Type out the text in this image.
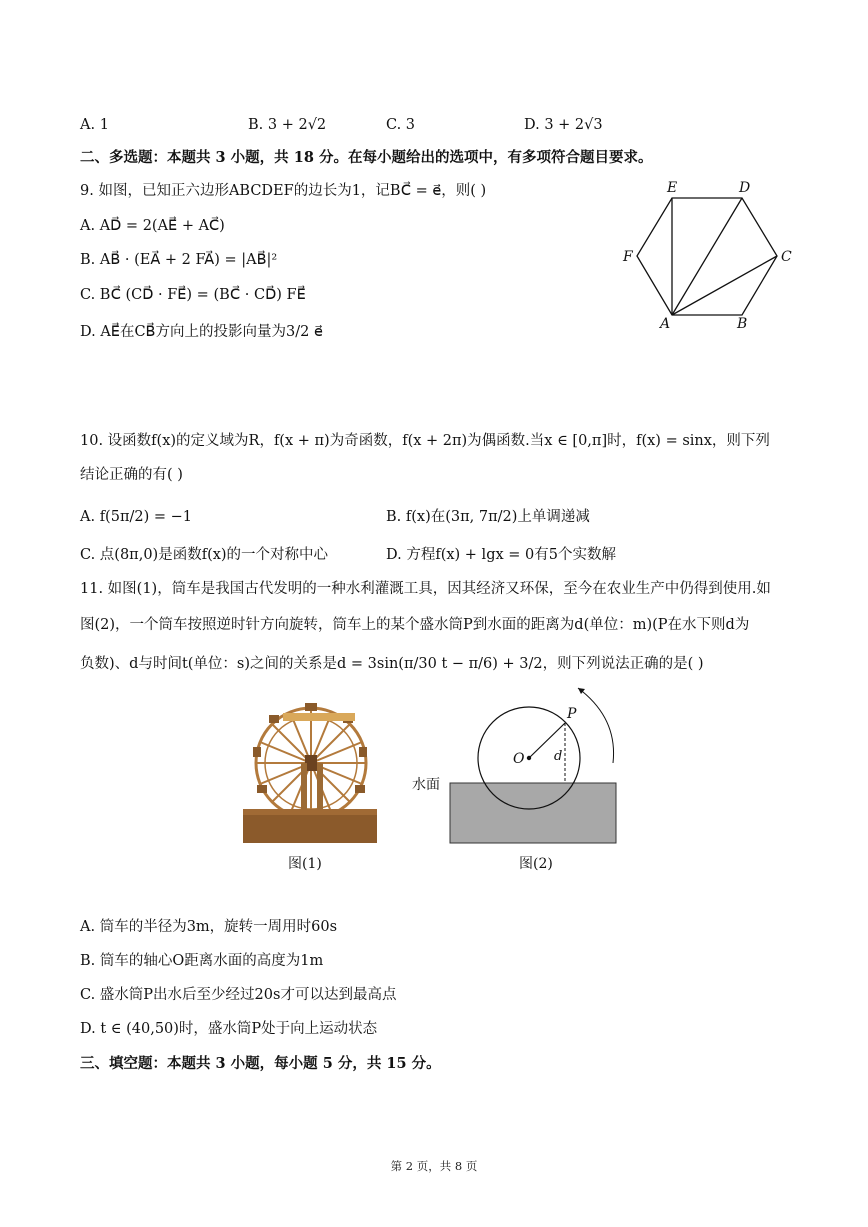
A. 1	B. 3 + 2√2	C. 3	D. 3 + 2√3
二、多选题：本题共 3 小题，共 18 分。在每小题给出的选项中，有多项符合题目要求。
9. 如图，已知正六边形ABCDEF的边长为1，记BC⃗ = e⃗，则( )
A. AD⃗ = 2(AE⃗ + AC⃗)
B. AB⃗ · (EA⃗ + 2 FA⃗) = |AB⃗|²
C. BC⃗ (CD⃗ · FE⃗) = (BC⃗ · CD⃗) FE⃗
D. AE⃗在CB⃗方向上的投影向量为3/2 e⃗
E	D
C
F
A	B
10. 设函数f(x)的定义域为R，f(x + π)为奇函数，f(x + 2π)为偶函数.当x ∈ [0,π]时，f(x) = sinx，则下列
结论正确的有( )
A. f(5π/2) = −1	B. f(x)在(3π, 7π/2)上单调递减
C. 点(8π,0)是函数f(x)的一个对称中心	D. 方程f(x) + lgx = 0有5个实数解
11. 如图(1)，筒车是我国古代发明的一种水利灌溉工具，因其经济又环保，至今在农业生产中仍得到使用.如
图(2)，一个筒车按照逆时针方向旋转，筒车上的某个盛水筒P到水面的距离为d(单位：m)(P在水下则d为
负数)、d与时间t(单位：s)之间的关系是d = 3sin(π/30 t − π/6) + 3/2，则下列说法正确的是( )
图(1)
P
O d
水面
图(2)
A. 筒车的半径为3m，旋转一周用时60s
B. 筒车的轴心O距离水面的高度为1m
C. 盛水筒P出水后至少经过20s才可以达到最高点
D. t ∈ (40,50)时，盛水筒P处于向上运动状态
三、填空题：本题共 3 小题，每小题 5 分，共 15 分。
第 2 页，共 8 页
